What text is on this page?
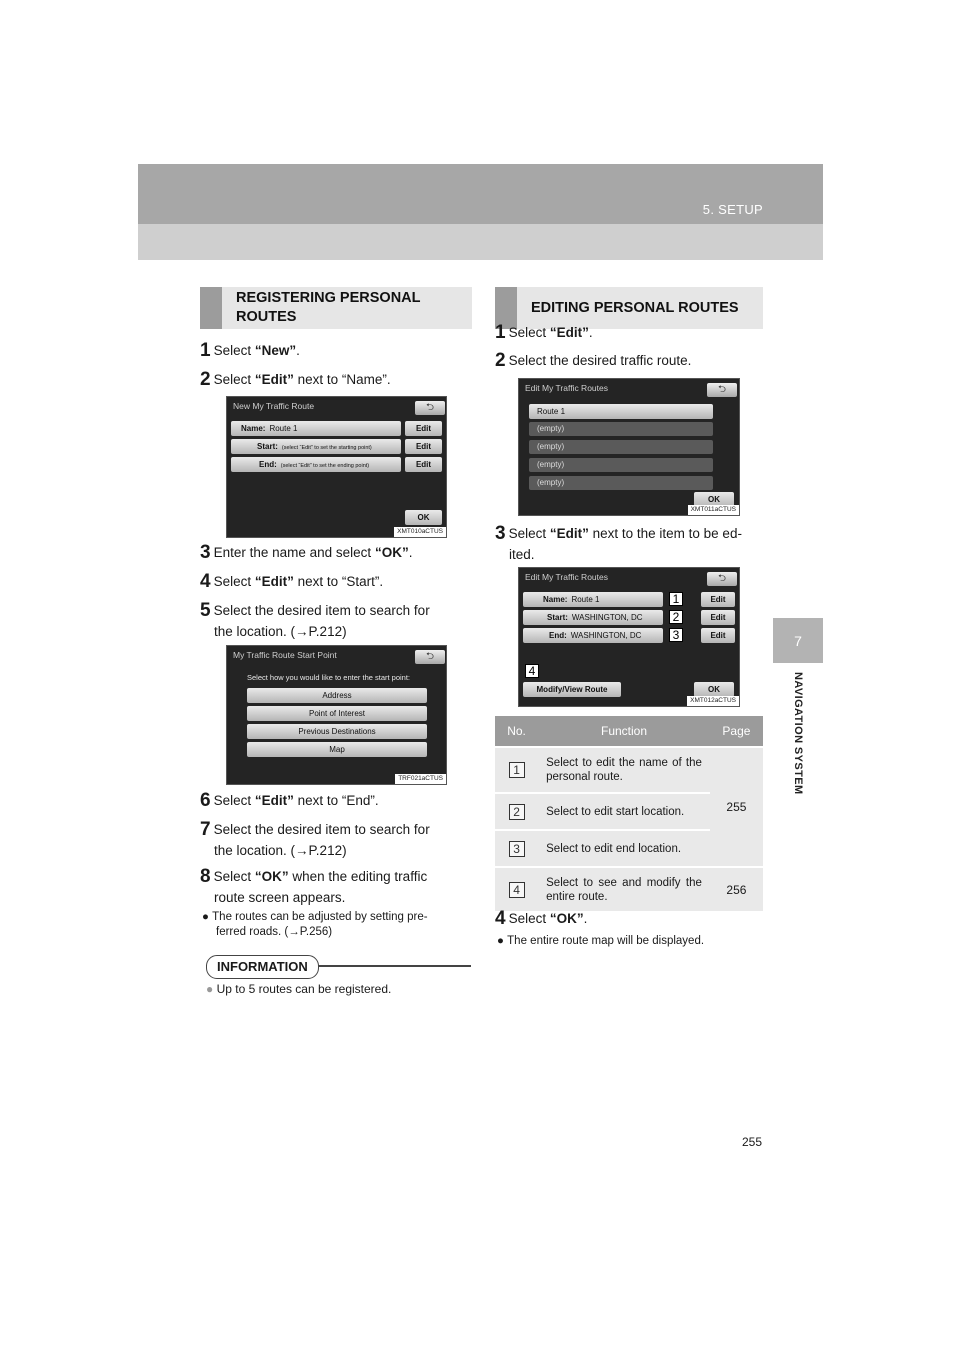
5. SETUP
7
NAVIGATION SYSTEM
REGISTERING PERSONAL ROUTES
1 Select “New”.
2 Select “Edit” next to “Name”.
New My Traffic Route	⮌
Name: Route 1	Edit
Start: (select “Edit” to set the starting point)	Edit
End: (select “Edit” to set the ending point)	Edit
OK
XMT010aCTUS
3 Enter the name and select “OK”.
4 Select “Edit” next to “Start”.
5 Select the desired item to search for
the location. (→P.212)
My Traffic Route Start Point	⮌
Select how you would like to enter the start point:
Address
Point of Interest
Previous Destinations
Map
TRF021aCTUS
6 Select “Edit” next to “End”.
7 Select the desired item to search for
the location. (→P.212)
8 Select “OK” when the editing traffic
route screen appears.
● The routes can be adjusted by setting pre-
ferred roads. (→P.256)
INFORMATION
● Up to 5 routes can be registered.
EDITING PERSONAL ROUTES
1 Select “Edit”.
2 Select the desired traffic route.
Edit My Traffic Routes	⮌
Route 1
(empty)
(empty)
(empty)
(empty)
OK
XMT011aCTUS
3 Select “Edit” next to the item to be ed-
ited.
Edit My Traffic Routes	⮌
Name: Route 1	1	Edit
Start: WASHINGTON, DC	2	Edit
End: WASHINGTON, DC	3	Edit
4
Modify/View Route	OK
XMT012aCTUS
No.	Function	Page
1	Select to edit the name of the personal route.	255
2	Select to edit start location.	
3	Select to edit end location.	
4	Select to see and modify the entire route.	256
4 Select “OK”.
● The entire route map will be displayed.
255
